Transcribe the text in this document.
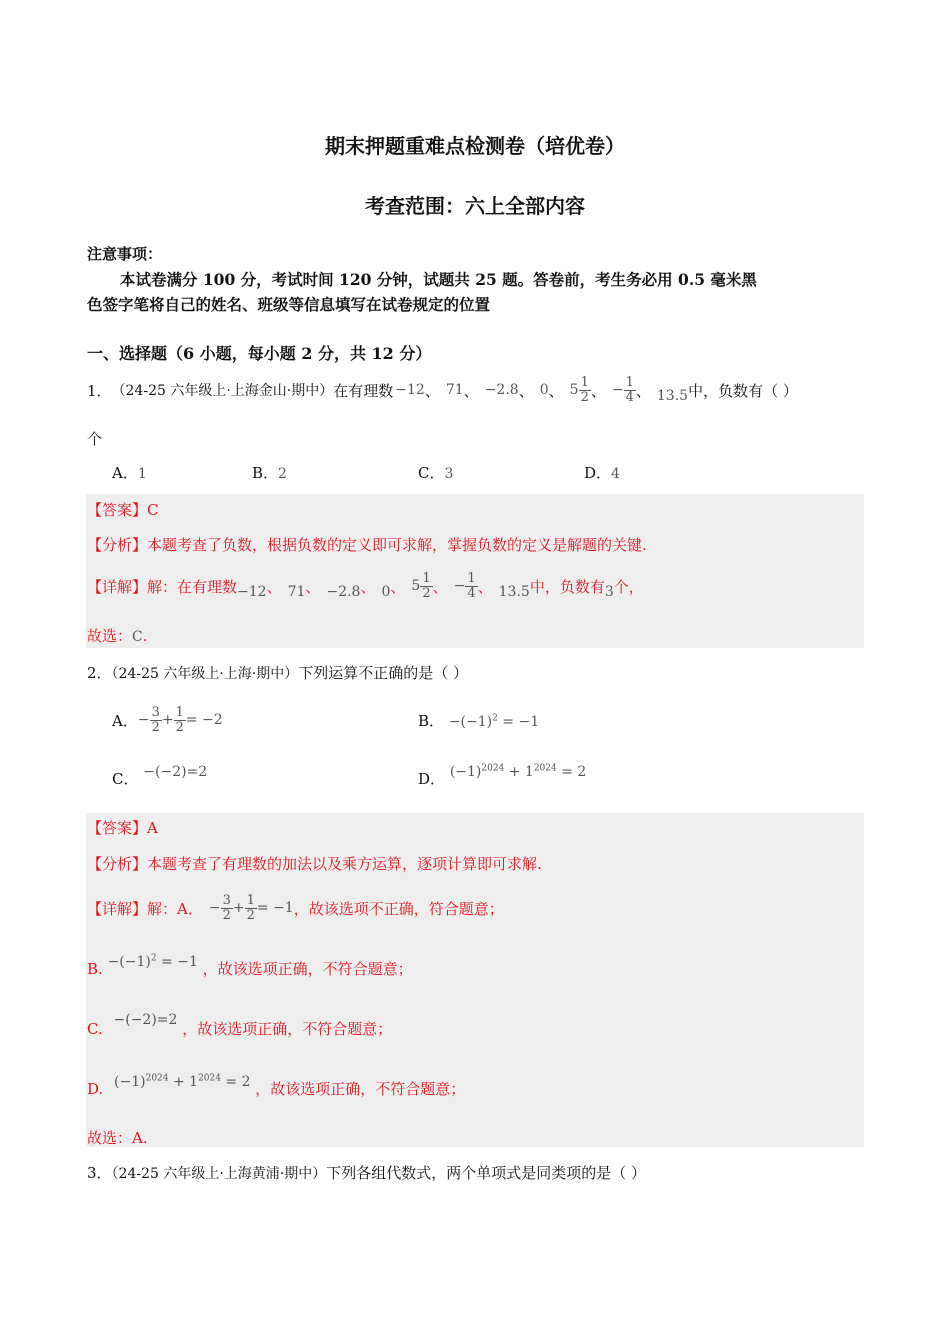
期末押题重难点检测卷（培优卷）
考查范围：六上全部内容
注意事项：
本试卷满分 100 分，考试时间 120 分钟，试题共 25 题。答卷前，考生务必用 0.5 毫米黑
色签字笔将自己的姓名、班级等信息填写在试卷规定的位置
一、选择题（6 小题，每小题 2 分，共 12 分）
1． （24-25 六年级上·上海金山·期中） 在有理数 −12 、 71 、 −2.8 、 0 、 $5 \frac{1}{2}$ 、 − $\frac{1}{4}$ 、 13.5 中，负数有（ ）
个
A．1	B．2	C．3	D．4
【答案】C
【分析】本题考查了负数，根据负数的定义即可求解，掌握负数的定义是解题的关键.
【详解】 解：在有理数 −12 、 71 、 −2.8 、 0 、 $5 \frac{1}{2}$ 、 − $\frac{1}{4}$ 、 13.5 中，负数有 3 个，
故选：C.
2．（24-25 六年级上·上海·期中）下列运算不正确的是（ ）
A． − $\frac{3}{2} + \frac{1}{2} = -2$	B． $-(-1)^2 = -1$
C． −(−2)=2	D． $(-1)^{2024} + 1^{2024} = 2$
【答案】A
【分析】本题考查了有理数的加法以及乘方运算，逐项计算即可求解.
【详解】 解：A． − $\frac{3}{2} + \frac{1}{2} = -1$ ，故该选项不正确，符合题意；
B. $-(-1)^2 = -1$ ，故该选项正确，不符合题意；
C. −(−2)=2 ，故该选项正确，不符合题意；
D. $(-1)^{2024} + 1^{2024} = 2$ ，故该选项正确，不符合题意；
故选：A.
3．（24-25 六年级上·上海黄浦·期中）下列各组代数式，两个单项式是同类项的是（ ）
